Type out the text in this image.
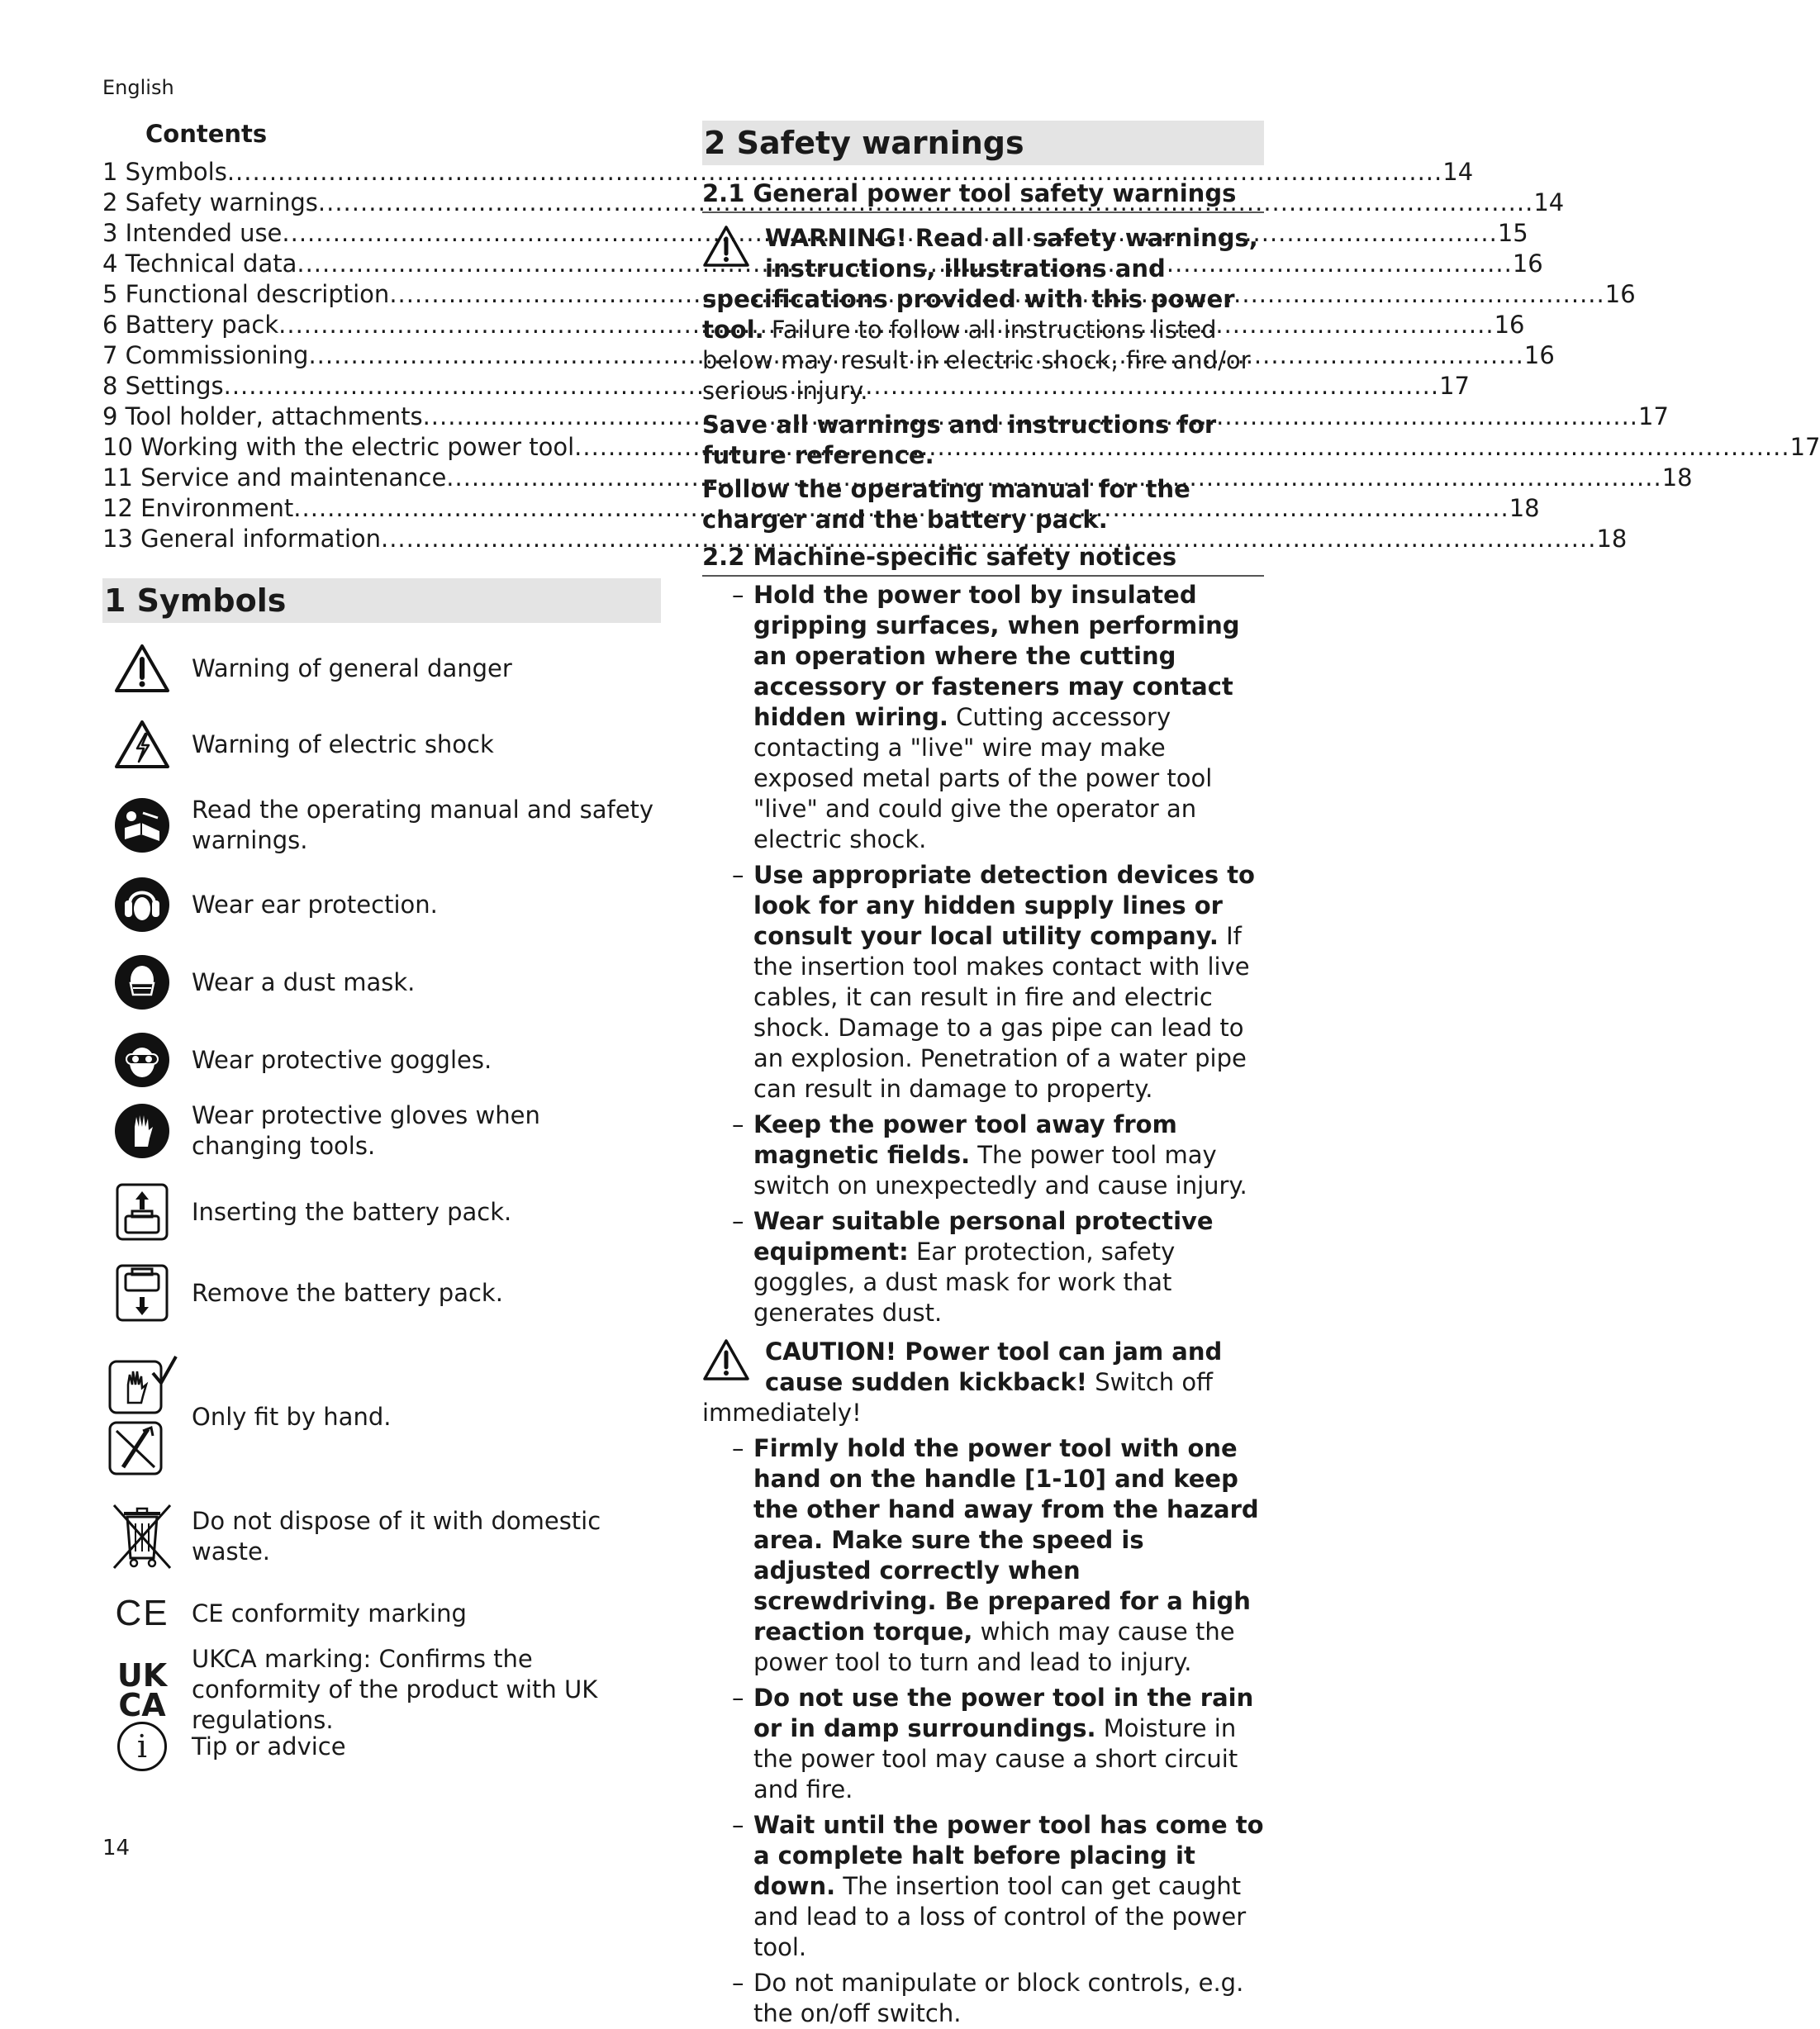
English
Contents
1 Symbols .....	14
2 Safety warnings .....	14
3 Intended use .....	15
4 Technical data .....	16
5 Functional description .....	16
6 Battery pack .....	16
7 Commissioning .....	16
8 Settings .....	17
9 Tool holder, attachments .....	17
10 Working with the electric power tool .....	17
11 Service and maintenance .....	18
12 Environment .....	18
13 General information .....	18
1 Symbols
Warning of general danger
Warning of electric shock
Read the operating manual and safety warnings.
Wear ear protection.
Wear a dust mask.
Wear protective goggles.
Wear protective gloves when changing tools.
Inserting the battery pack.
Remove the battery pack.
Only fit by hand.
Do not dispose of it with domestic waste.
CE CE conformity marking
UK
CA
UKCA marking: Confirms the conformity of the product with UK regulations.
i	Tip or advice
2 Safety warnings
2.1 General power tool safety warnings
WARNING! Read all safety warnings, instructions, illustrations and specifications provided with this power tool. Failure to follow all instructions listed below may result in electric shock, fire and/or serious injury.
Save all warnings and instructions for future reference.
Follow the operating manual for the charger and the battery pack.
2.2 Machine-specific safety notices
– Hold the power tool by insulated gripping surfaces, when performing an operation where the cutting accessory or fasteners may contact hidden wiring. Cutting accessory contacting a "live" wire may make exposed metal parts of the power tool "live" and could give the operator an electric shock.
– Use appropriate detection devices to look for any hidden supply lines or consult your local utility company. If the insertion tool makes contact with live cables, it can result in fire and electric shock. Damage to a gas pipe can lead to an explosion. Penetration of a water pipe can result in damage to property.
– Keep the power tool away from magnetic fields. The power tool may switch on unexpectedly and cause injury.
– Wear suitable personal protective equipment: Ear protection, safety goggles, a dust mask for work that generates dust.
CAUTION! Power tool can jam and cause sudden kickback! Switch off immediately!
– Firmly hold the power tool with one hand on the handle [1-10] and keep the other hand away from the hazard area. Make sure the speed is adjusted correctly when screwdriving. Be prepared for a high reaction torque, which may cause the power tool to turn and lead to injury.
– Do not use the power tool in the rain or in damp surroundings. Moisture in the power tool may cause a short circuit and fire.
– Wait until the power tool has come to a complete halt before placing it down. The insertion tool can get caught and lead to a loss of control of the power tool.
– Do not manipulate or block controls, e.g. the on/off switch.
14
